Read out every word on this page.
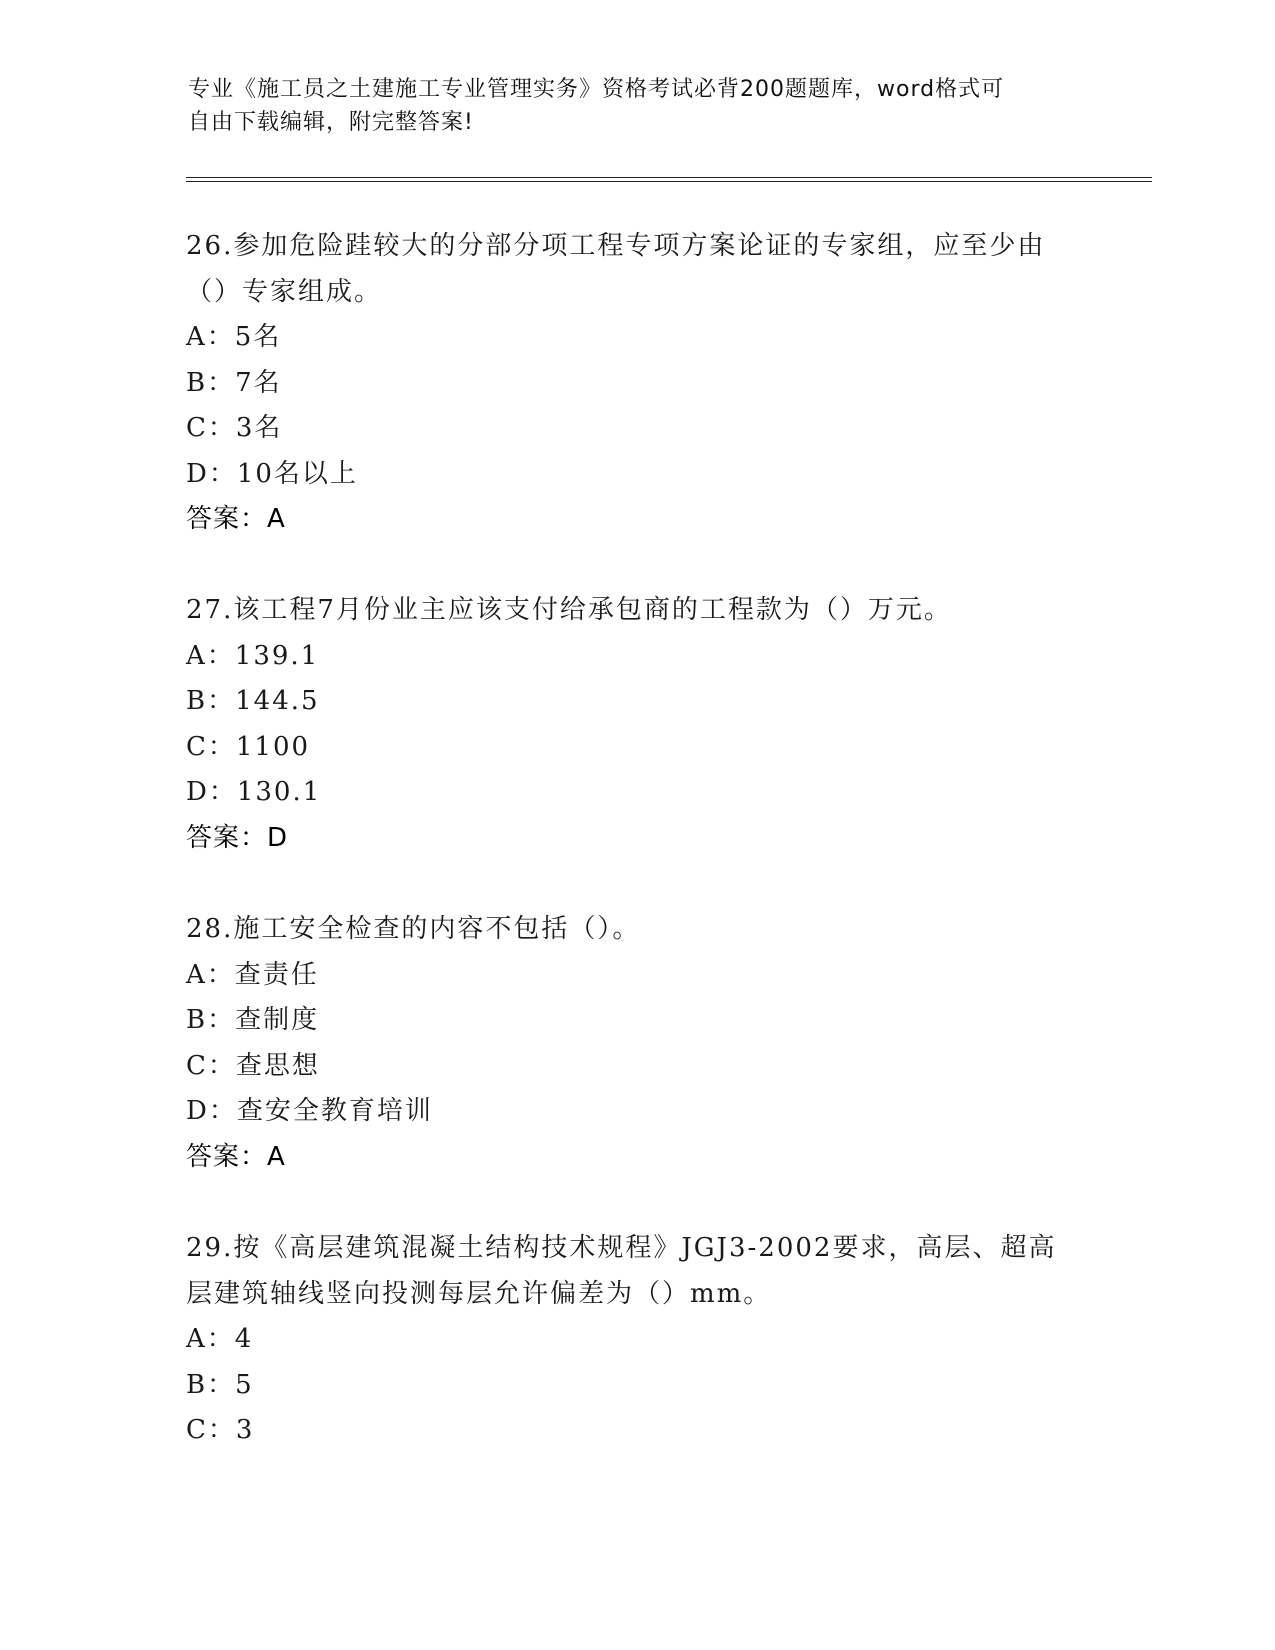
专业《施工员之土建施工专业管理实务》资格考试必背200题题库，word格式可
自由下载编辑，附完整答案!
26.参加危险跬较大的分部分项工程专项方案论证的专家组，应至少由
（）专家组成。
A：5名
B：7名
C：3名
D：10名以上
答案：A
27.该工程7月份业主应该支付给承包商的工程款为（）万元。
A：139.1
B：144.5
C：1100
D：130.1
答案：D
28.施工安全检查的内容不包括（）。
A：查责任
B：查制度
C：查思想
D：查安全教育培训
答案：A
29.按《高层建筑混凝土结构技术规程》JGJ3-2002要求，高层、超高
层建筑轴线竖向投测每层允许偏差为（）mm。
A：4
B：5
C：3
